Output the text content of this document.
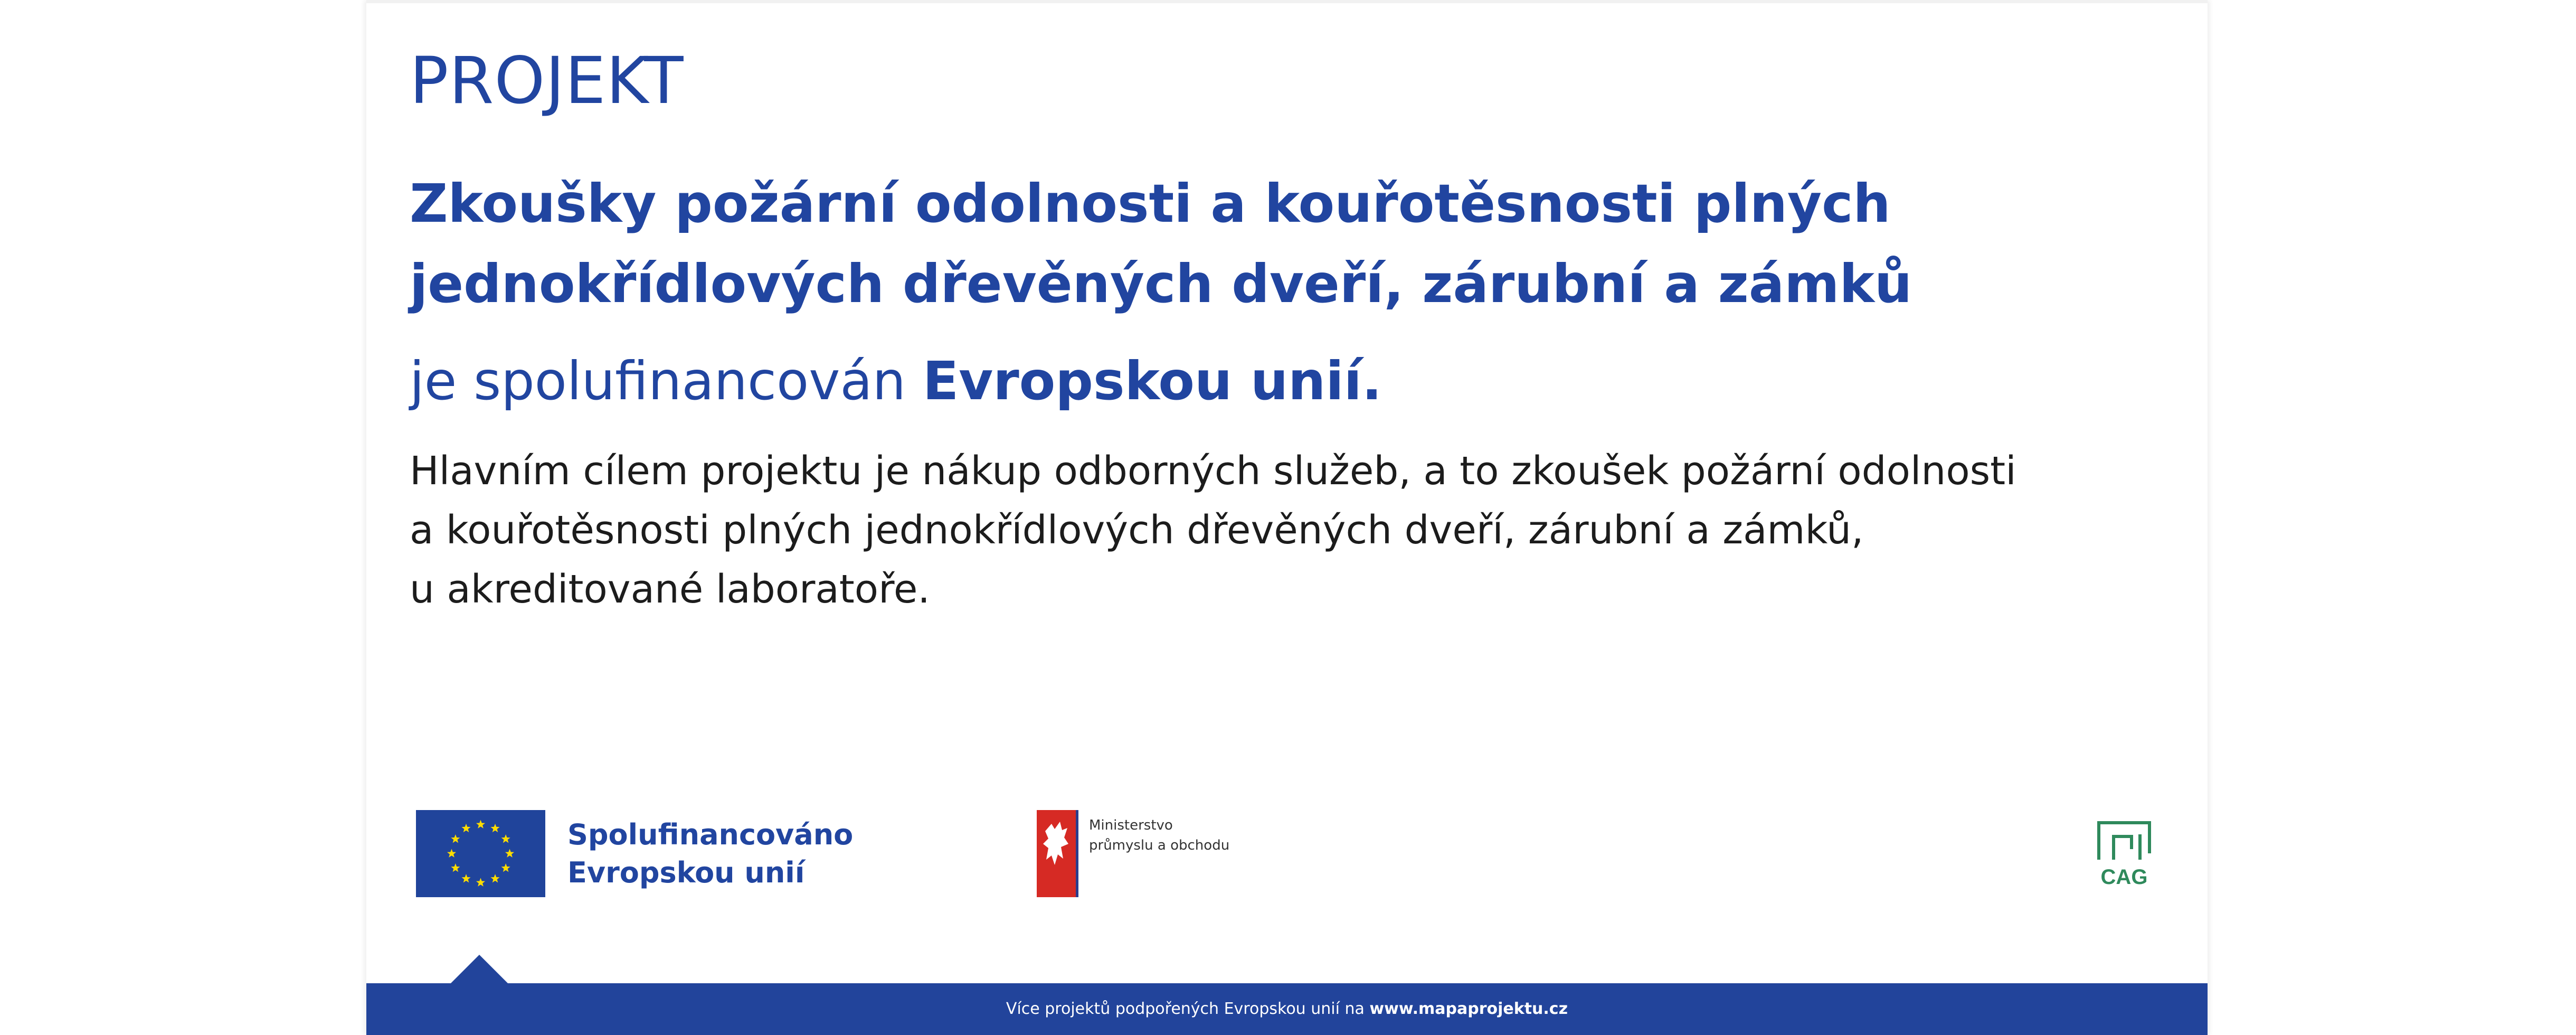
PROJEKT
Zkoušky požární odolnosti a kouřotěsnosti plných jednokřídlových dřevěných dveří, zárubní a zámků
je spolufinancován Evropskou unií.

Hlavním cílem projektu je nákup odborných služeb, a to zkoušek požární odolnosti
a kouřotěsnosti plných jednokřídlových dřevěných dveří, zárubní a zámků,
u akreditované laboratoře.

Spolufinancováno
Evropskou unií
Ministerstvo
průmyslu a obchodu
CAG
Více projektů podpořených Evropskou unií na www.mapaprojektu.cz
